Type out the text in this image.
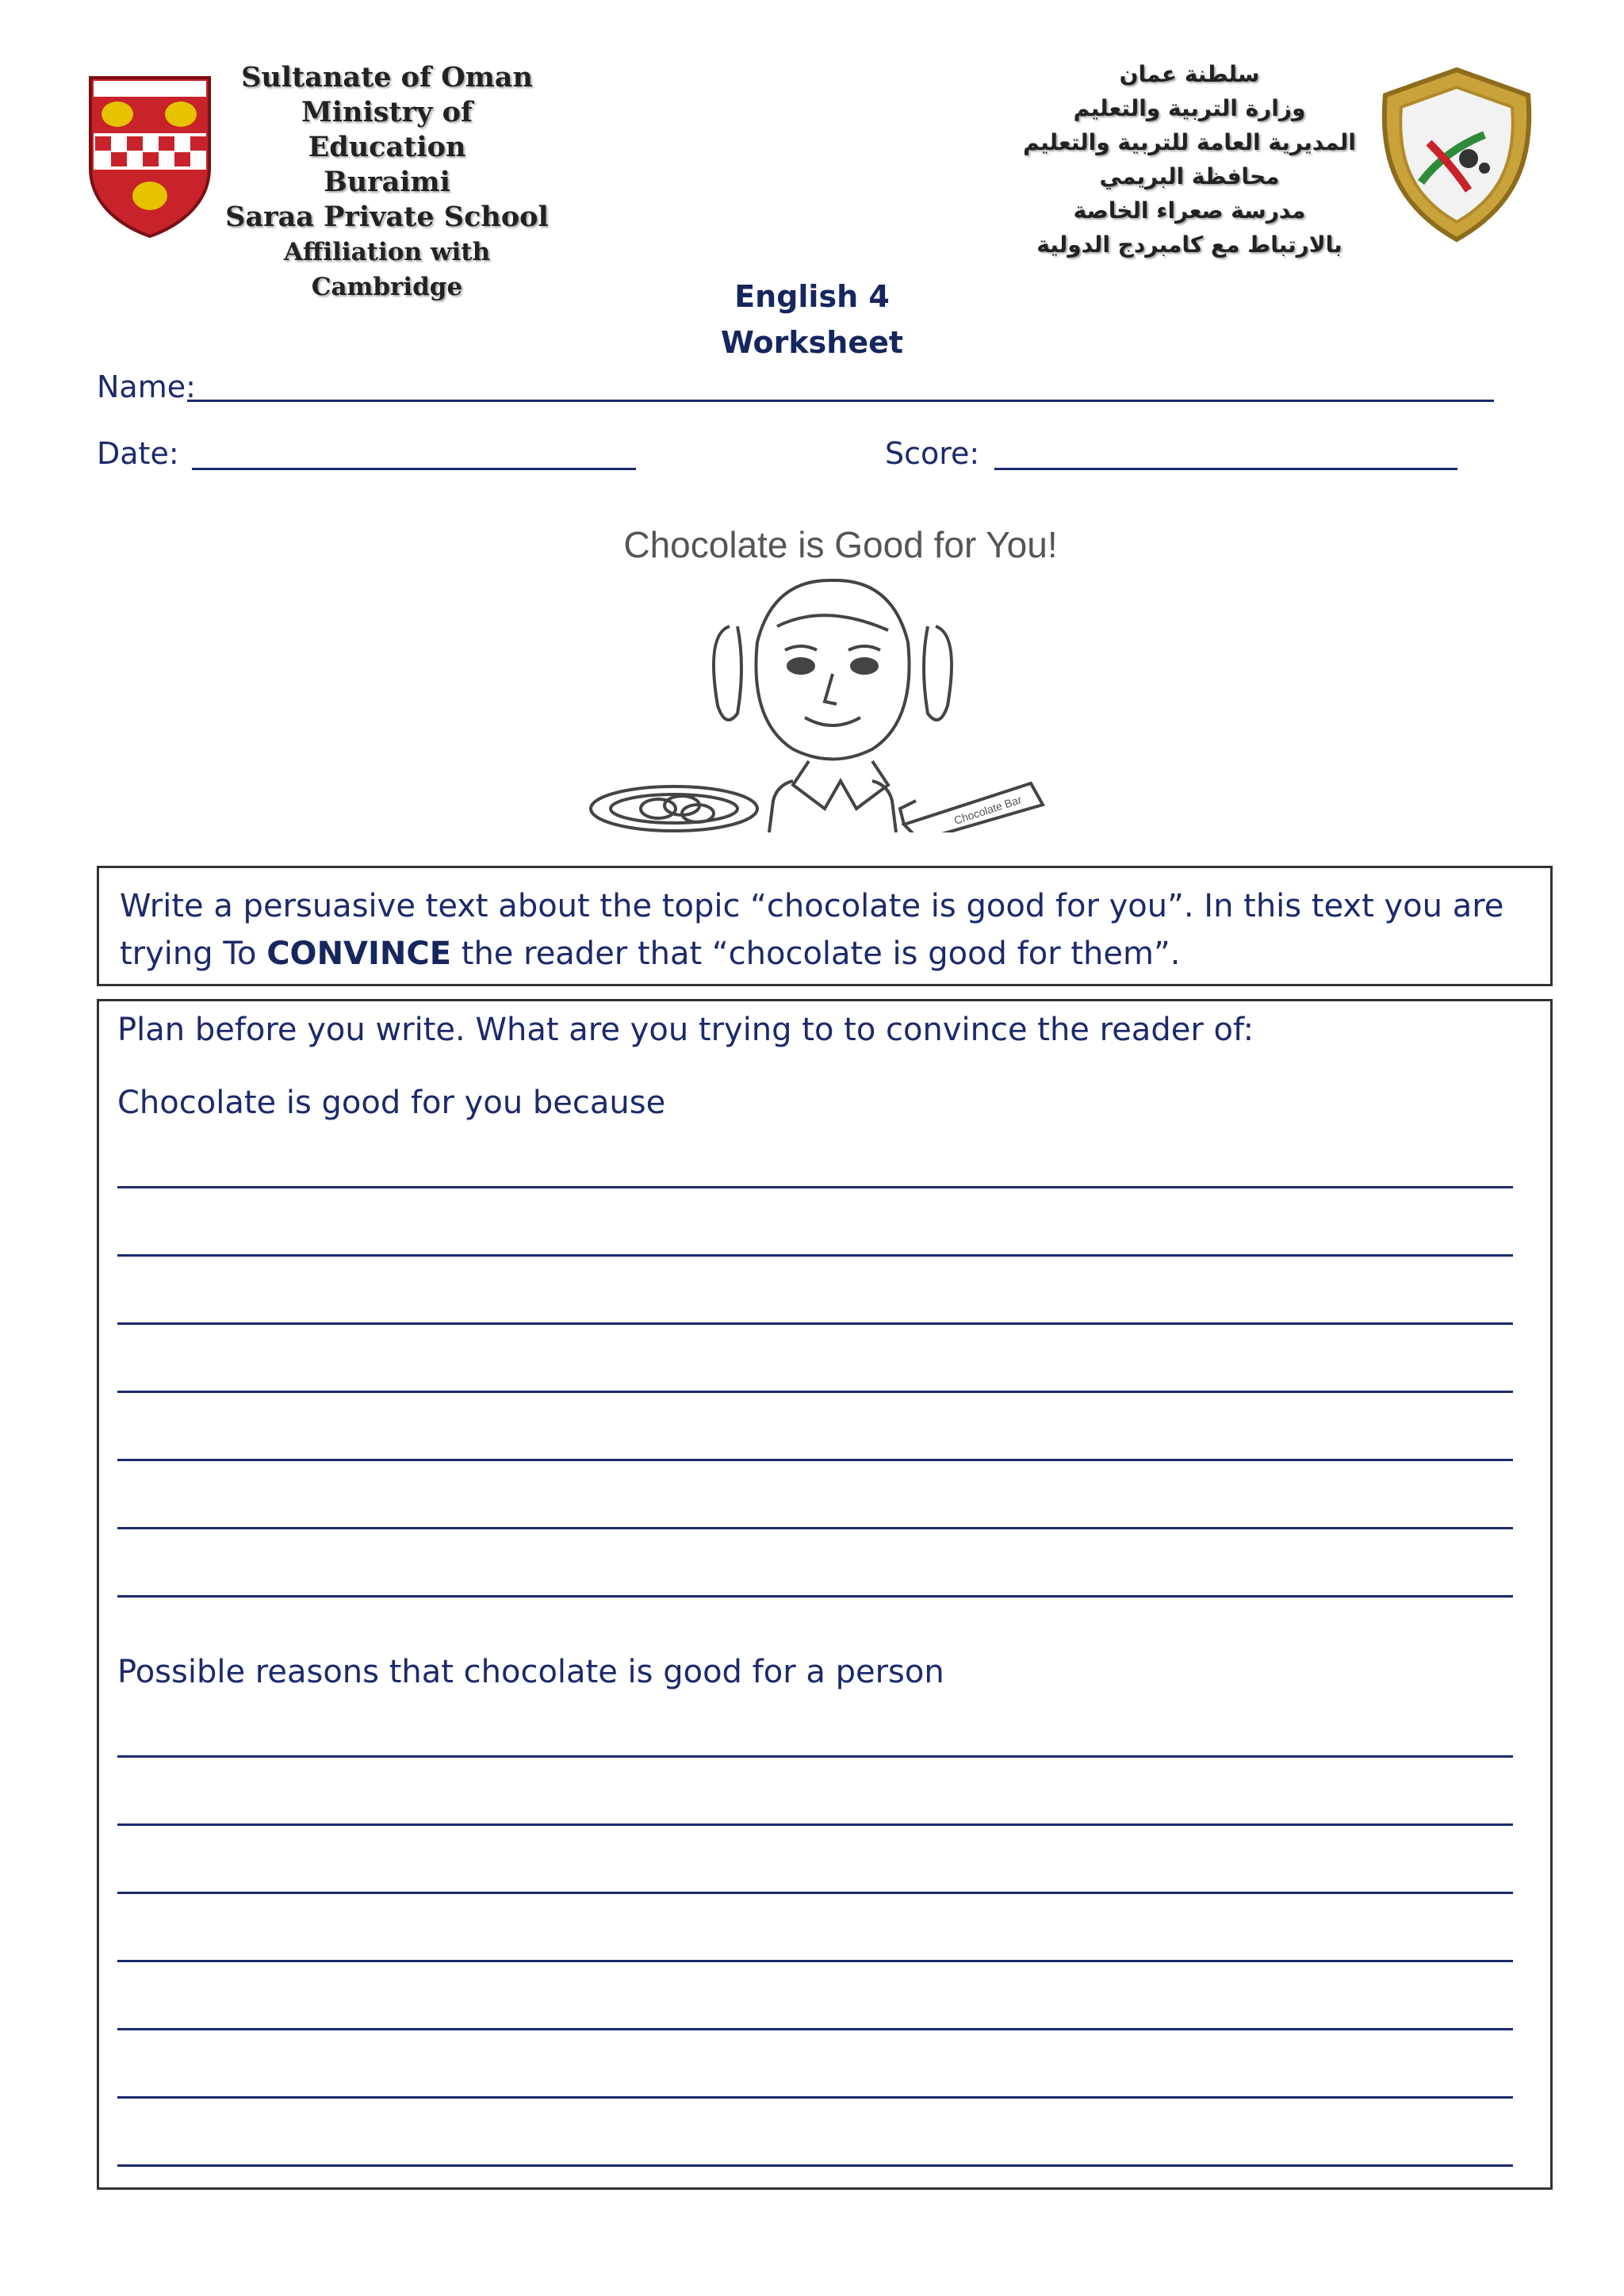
Sultanate of Oman
Ministry of Education
Buraimi
Saraa Private School
Affiliation with Cambridge
سلطنة عمان
وزارة التربية والتعليم
المديرية العامة للتربية والتعليم
محافظة البريمي
مدرسة صعراء الخاصة
بالارتباط مع كامبردج الدولية
English 4
Worksheet
Name:
Date:	Score:
Chocolate is Good for You!
Chocolate Bar
Write a persuasive text about the topic “chocolate is good for you”. In this text you are trying To CONVINCE the reader that “chocolate is good for them”.
Plan before you write. What are you trying to to convince the reader of:
Chocolate is good for you because
Possible reasons that chocolate is good for a person
